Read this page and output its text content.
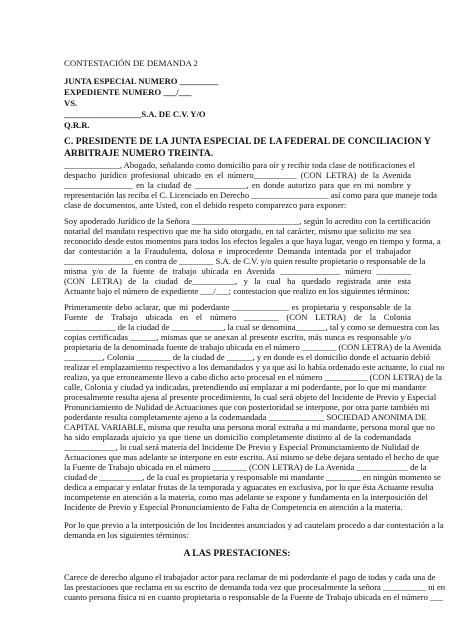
CONTESTACIÓN DE DEMANDA 2
JUNTA ESPECIAL NUMERO _________
EXPEDIENTE NUMERO ___/___
VS.
__________________S.A. DE C.V. Y/O
Q.R.R.
C. PRESIDENTE DE LA JUNTA ESPECIAL DE LA FEDERAL DE CONCILIACION Y
ARBITRAJE NUMERO TREINTA.
_____________, Abogado, señalando como domicilio para oír y recibir toda clase de notificaciones el
despacho jurídico profesional ubicado en el número__________ (CON LETRA) de la Avenida
________________ en la ciudad de ____________, en donde autorizo para que en mi nombre y
representación las reciba el C. Licenciado en Derecho __________________ así como para que maneje toda
clase de documentos, ante Usted, con el debido respeto comparezco para exponer:
Soy apoderado Jurídico de la Señora _________________________, según lo acredito con la certificación
notarial del mandato respectivo que me ha sido otorgado, en tal carácter, mismo que solicito me sea
reconocido desde estos momentos para todos los efectos legales a que haya lugar, vengo en tiempo y forma, a
dar contestación a la Fraudulenta, dolosa e improcedente Demanda intentada por el trabajador
________________ en contra de ________ S.A. de C.V. y/o quien resulte propietario o responsable de la
misma y/o de la fuente de trabajo ubicada en Avenida ______________ número ________
(CON LETRA) de la ciudad de__________, y la cual ha quedado registrada ante esta
Actuante bajo el número de expediente ___/___; contestacion que realizo en los siguientes términos:
Primeramente debo aclarar, que mi poderdante _____________ es propietaria y responsable de la
Fuente de Trabajo ubicada en el número ________ (CON LETRA) de la Colonia
____________ de la ciudad de ____________, la cual se denomina_______, tal y como se demuestra con las
copias certificadas ______, mismas que se anexan al presente escrito, más nunca es responsable y/o
propietaria de la denominada fuente de trabajo ubicada en el número ________ (CON LETRA) de la Avenida
_________, Colonia ________ de la ciudad de ______, y en donde es el domicilio donde el actuario debió
realizar el emplazamiento respectivo a los demandados y ya que así lo había ordenado este actuante, lo cual no
realizo, ya que erroneamente llevo a cabo dicho acto procesal en el número __________ (CON LETRA) de la
calle, Colonia y ciudad ya indicadas, pretendiendo así emplazar a mi poderdante, por lo que mi mandante
procesalmente resulta ajena al presente procedimiento, lo cual será objeto del Incidente de Previo y Especial
Pronunciamiento de Nulidad de Actuaciones que con posterioridad se interpone, por otra parte también mi
poderdante resulta completamente ajeno a la codemandada _____________ SOCIEDAD ANONIMA DE
CAPITAL VARIABLE, misma que resulta una persona moral extraña a mi mandante, persona moral que no
ha sido emplazada ajuicio ya que tiene un domicilio completamente distinto al de la codemandada
____________, lo cual será materia del Incidente De Previo y Especial Pronunciamiento de Nulidad de
Actuaciones que mas adelante se interpone en este escrito. Así mismo se debe dejara sentado el hecho de que
la Fuente de Trabajo ubicada en el número ________ (CON LETRA) de La Avenida ____________ de la
ciudad de __________, de la cual es propietaria y responsable mi mandante ________ en ningún momento se
dedica a empacar y enlatar frutas de la temporada y aguacates en exclusiva, por lo que ésta Actuante resulta
incompetente en atención a la materia, como mas adelante se expone y fundamenta en la interposición del
Incidente de Previo y Especial Pronunciamiento de Falta de Competencia en atención a la materia.
Por lo que previo a la interposición de los Incidentes anunciados y ad cautelam procedo a dar contestación a la
demanda en los siguientes términos:
A LAS PRESTACIONES:
Carece de derecho alguno el trabajador actor para reclamar de mi poderdante el pago de todas y cada una de
las prestaciones que reclama en su escrito de demanda toda vez que procesalmente la señora __________ ni en
cuanto persona física ni en cuanto propietaria o responsable de la Fuente de Trabajo ubicada en el número ___
